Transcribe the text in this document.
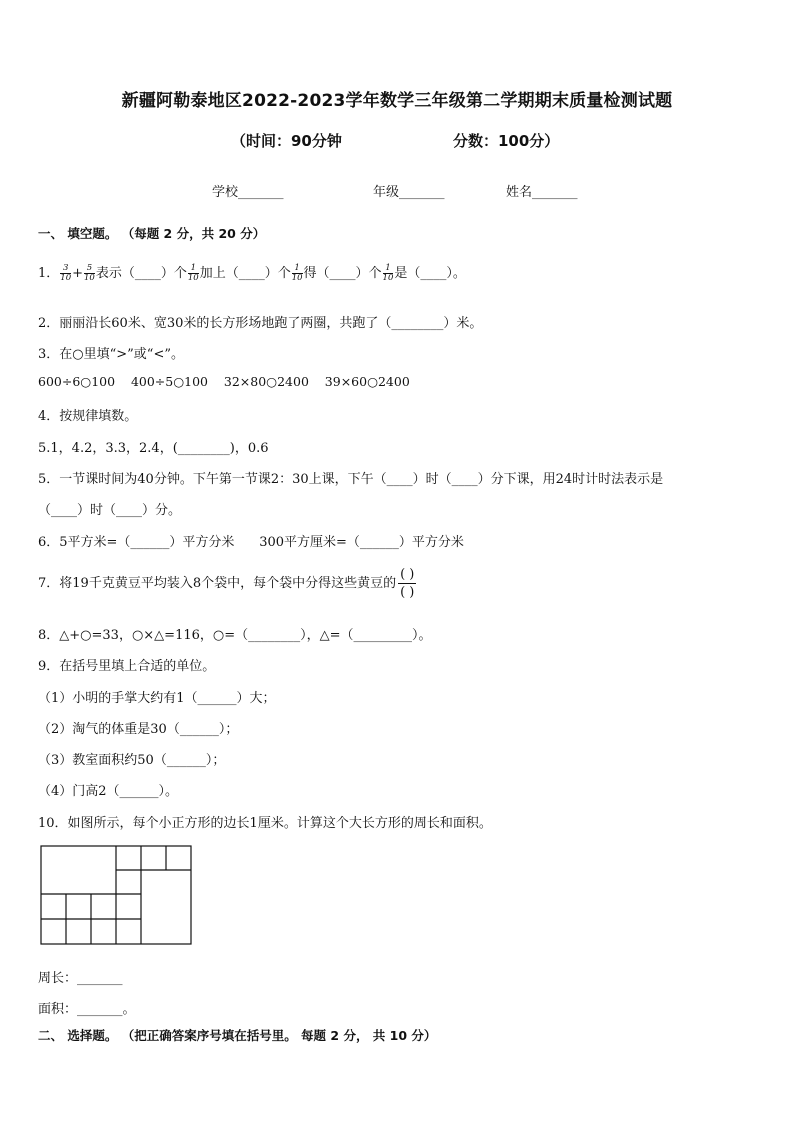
新疆阿勒泰地区2022-2023学年数学三年级第二学期期末质量检测试题
（时间：90分钟	分数：100分）
学校_______	年级_______	姓名_______
一、 填空题。 （每题 2 分，共 20 分）
1． $\frac{3}{10} + \frac{5}{10}$ 表示（____）个 $\frac{1}{10}$ 加上（____）个 $\frac{1}{10}$ 得（____）个 $\frac{1}{10}$ 是（____）。
2．丽丽沿长60米、宽30米的长方形场地跑了两圈，共跑了（________）米。
3．在○里填“>”或“<”。
600÷6○100    400÷5○100    32×80○2400    39×60○2400
4．按规律填数。
5.1，4.2，3.3，2.4，(________)，0.6
5．一节课时间为40分钟。下午第一节课2：30上课，下午（____）时（____）分下课，用24时计时法表示是
（____）时（____）分。
6．5平方米=（______）平方分米      300平方厘米=（______）平方分米
7．将19千克黄豆平均装入8个袋中，每个袋中分得这些黄豆的
( )
( )
8．△+○=33，○×△=116，○=（________），△=（_________）。
9．在括号里填上合适的单位。
（1）小明的手掌大约有1（______）大；
（2）淘气的体重是30（______）；
（3）教室面积约50（______）；
（4）门高2（______）。
10．如图所示，每个小正方形的边长1厘米。计算这个大长方形的周长和面积。
周长：_______
面积：_______。
二、 选择题。 （把正确答案序号填在括号里。 每题 2 分， 共 10 分）
